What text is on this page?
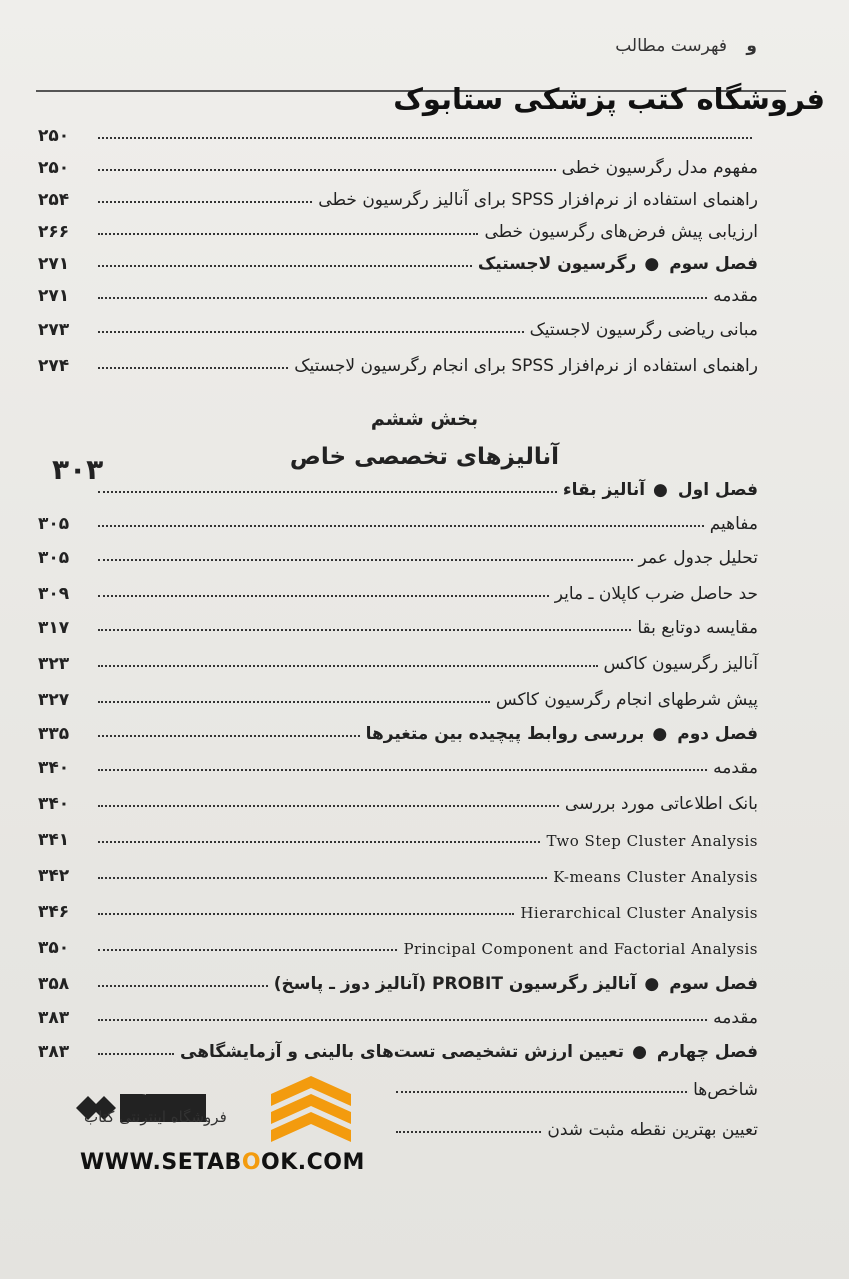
و فهرست مطالب
فروشگاه کتب پزشکی ستابوک
۲۵۰
مفهوم مدل رگرسیون خطی
۲۵۰
راهنمای استفاده از نرم‌افزار SPSS برای آنالیز رگرسیون خطی
۲۵۴
ارزیابی پیش فرض‌های رگرسیون خطی
۲۶۶
فصل سوم
●
رگرسیون لاجستیک
۲۷۱
مقدمه
۲۷۱
مبانی ریاضی رگرسیون لاجستیک
۲۷۳
راهنمای استفاده از نرم‌افزار SPSS برای انجام رگرسیون لاجستیک
۲۷۴
بخش ششم
آنالیزهای تخصصی خاص
۳۰۳
فصل اول
●
آنالیز بقاء
مفاهیم
۳۰۵
تحلیل جدول عمر
۳۰۵
حد حاصل ضرب کاپلان ـ مایر
۳۰۹
مقایسه دوتابع بقا
۳۱۷
آنالیز رگرسیون کاکس
۳۲۳
پیش شرطهای انجام رگرسیون کاکس
۳۲۷
فصل دوم
●
بررسی روابط پیچیده بین متغیرها
۳۳۵
مقدمه
۳۴۰
بانک اطلاعاتی مورد بررسی
۳۴۰
Two Step Cluster Analysis
۳۴۱
K-means Cluster Analysis
۳۴۲
Hierarchical Cluster Analysis
۳۴۶
Principal Component and Factorial Analysis
۳۵۰
فصل سوم
●
آنالیز رگرسیون PROBIT (آنالیز دوز ـ پاسخ)
۳۵۸
مقدمه
۳۸۳
فصل چهارم
●
تعیین ارزش تشخیصی تست‌های بالینی و آزمایشگاهی
۳۸۳
شاخص‌ها
تعیین بهترین نقطه مثبت شدن
فروشگاه اینترنتی کتاب
WWW.SETABOOK.COM
